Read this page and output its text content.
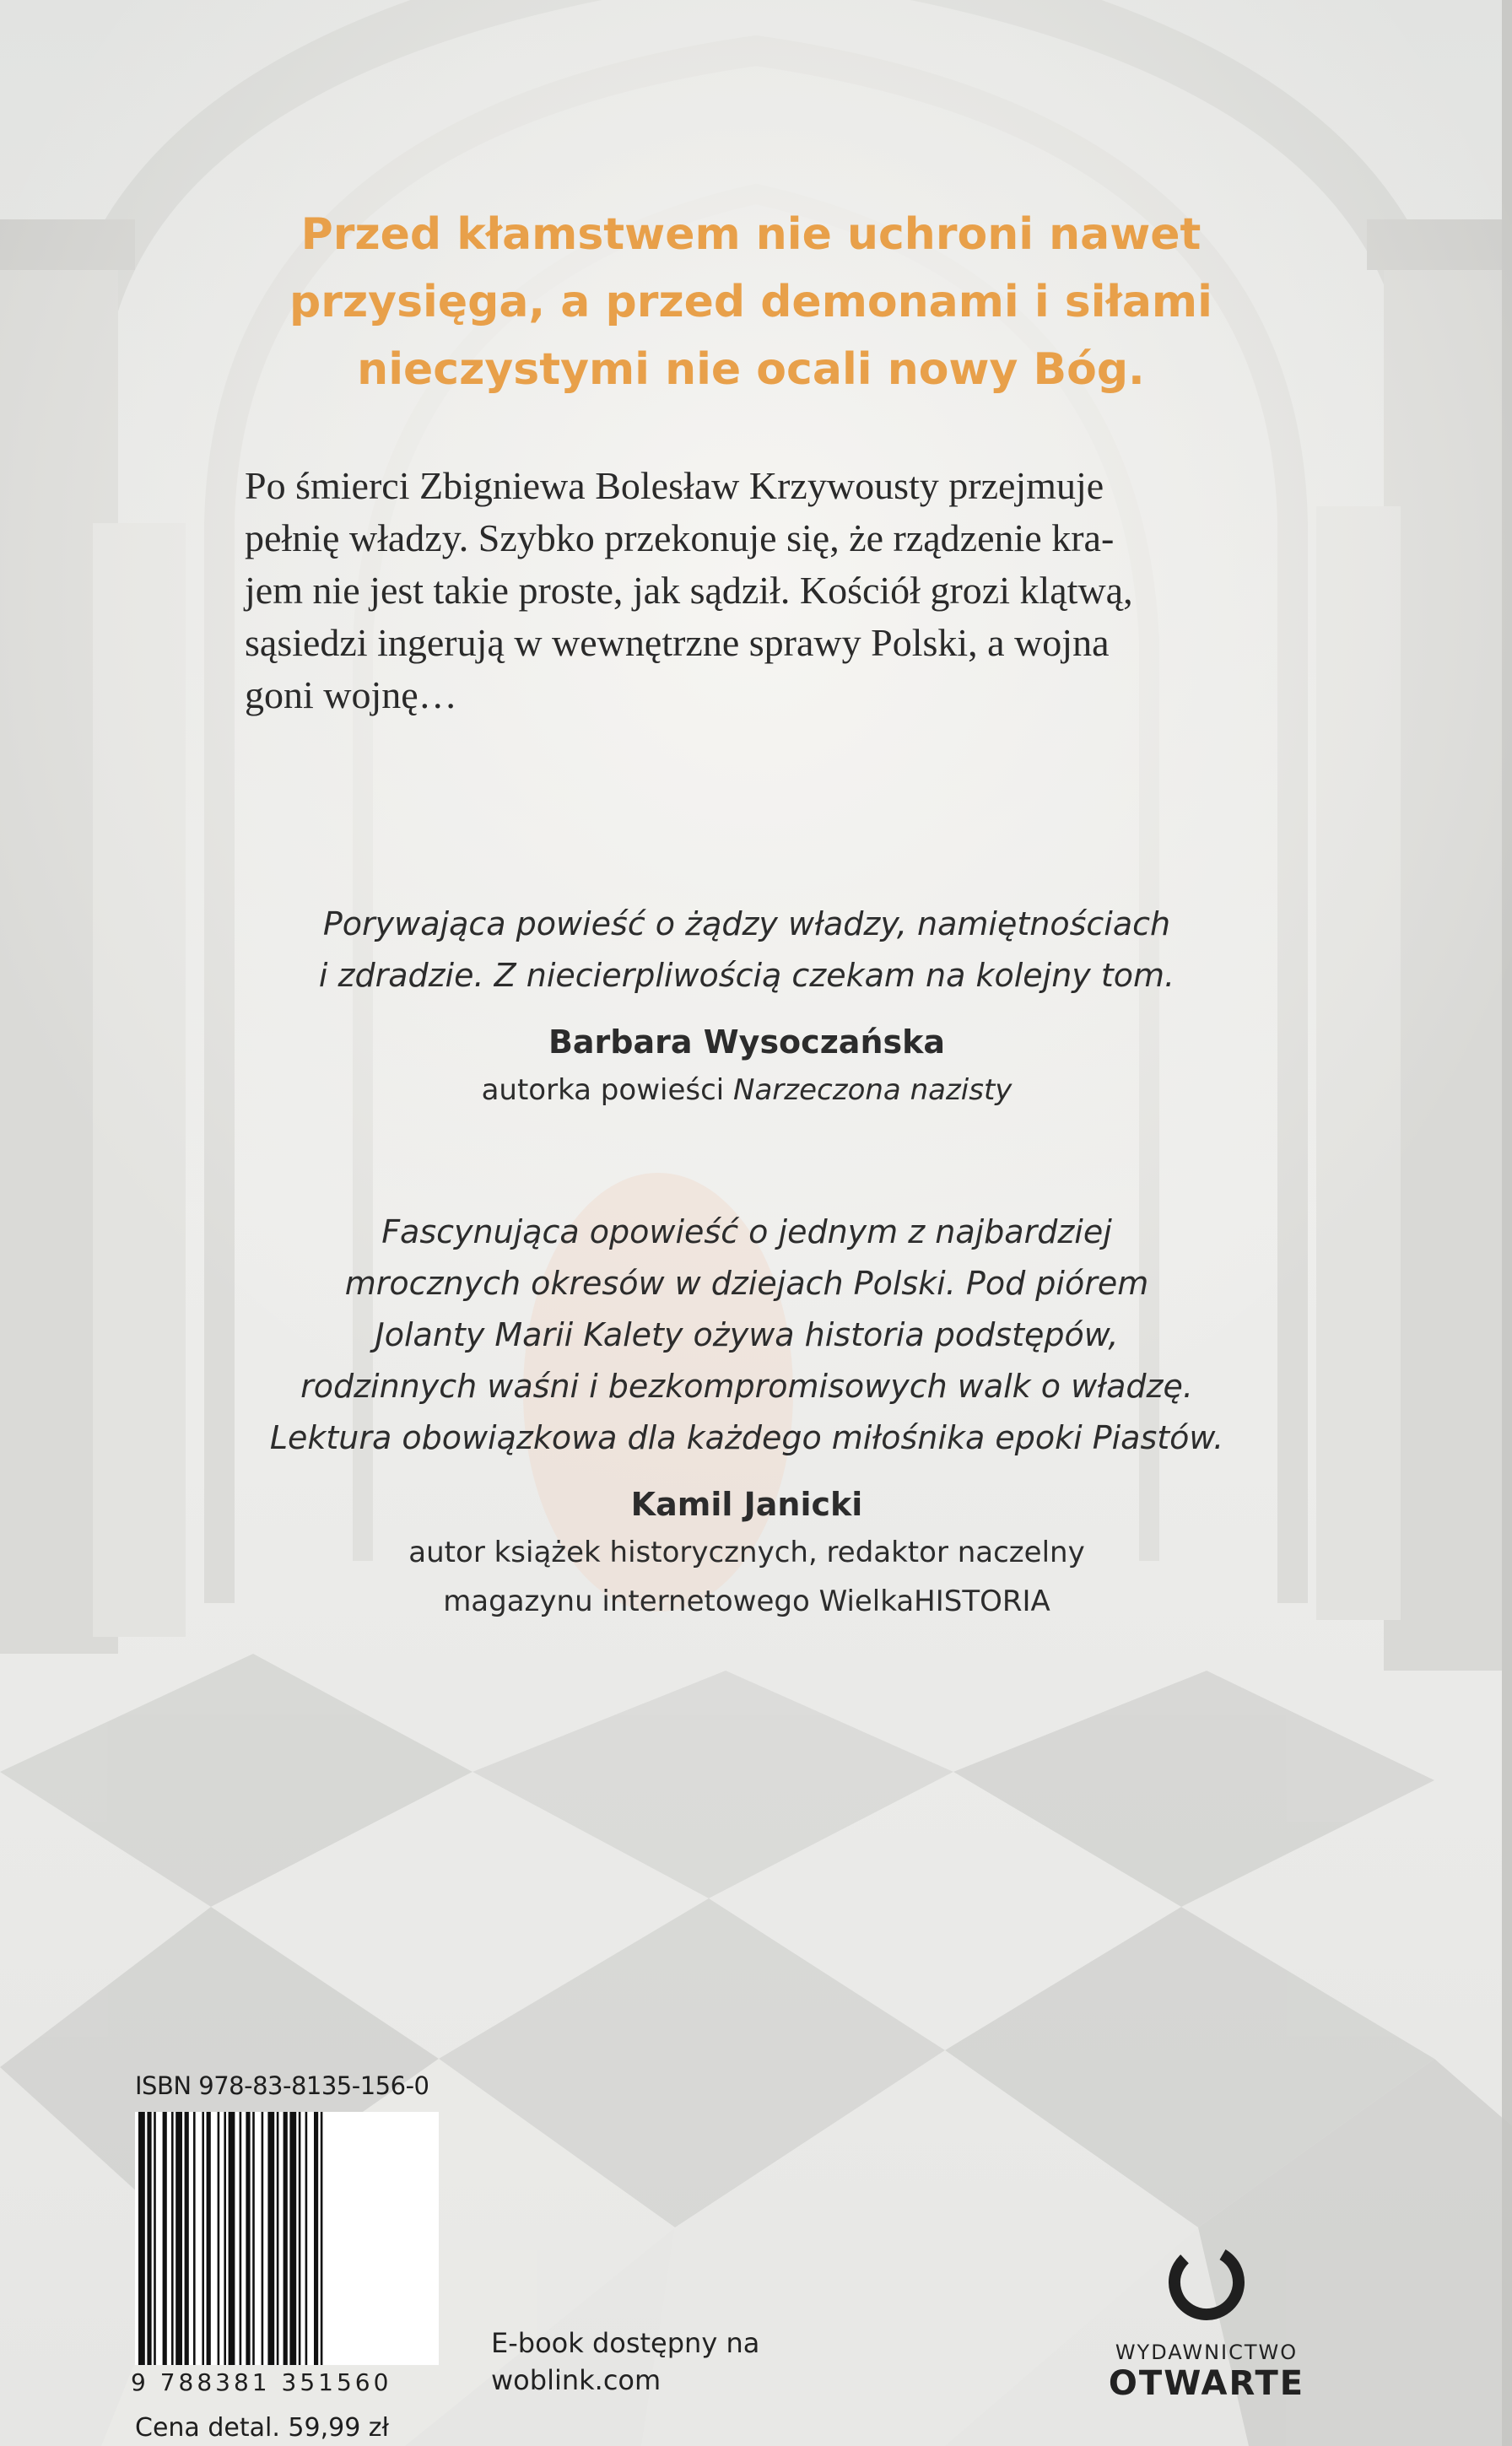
Przed kłamstwem nie uchroni nawet
przysięga, a przed demonami i siłami
nieczystymi nie ocali nowy Bóg.
Po śmierci Zbigniewa Bolesław Krzywousty przejmuje
pełnię władzy. Szybko przekonuje się, że rządzenie kra-
jem nie jest takie proste, jak sądził. Kościół grozi klątwą,
sąsiedzi ingerują w wewnętrzne sprawy Polski, a wojna
goni wojnę…
Porywająca powieść o żądzy władzy, namiętnościach
i zdradzie. Z niecierpliwością czekam na kolejny tom.
Barbara Wysoczańska
autorka powieści Narzeczona nazisty
Fascynująca opowieść o jednym z najbardziej
mrocznych okresów w dziejach Polski. Pod piórem
Jolanty Marii Kalety ożywa historia podstępów,
rodzinnych waśni i bezkompromisowych walk o władzę.
Lektura obowiązkowa dla każdego miłośnika epoki Piastów.
Kamil Janicki
autor książek historycznych, redaktor naczelny
magazynu internetowego WielkaHISTORIA
ISBN 978-83-8135-156-0
9 788381 351560
Cena detal. 59,99 zł
E-book dostępny na
woblink.com
WYDAWNICTWO
OTWARTE
